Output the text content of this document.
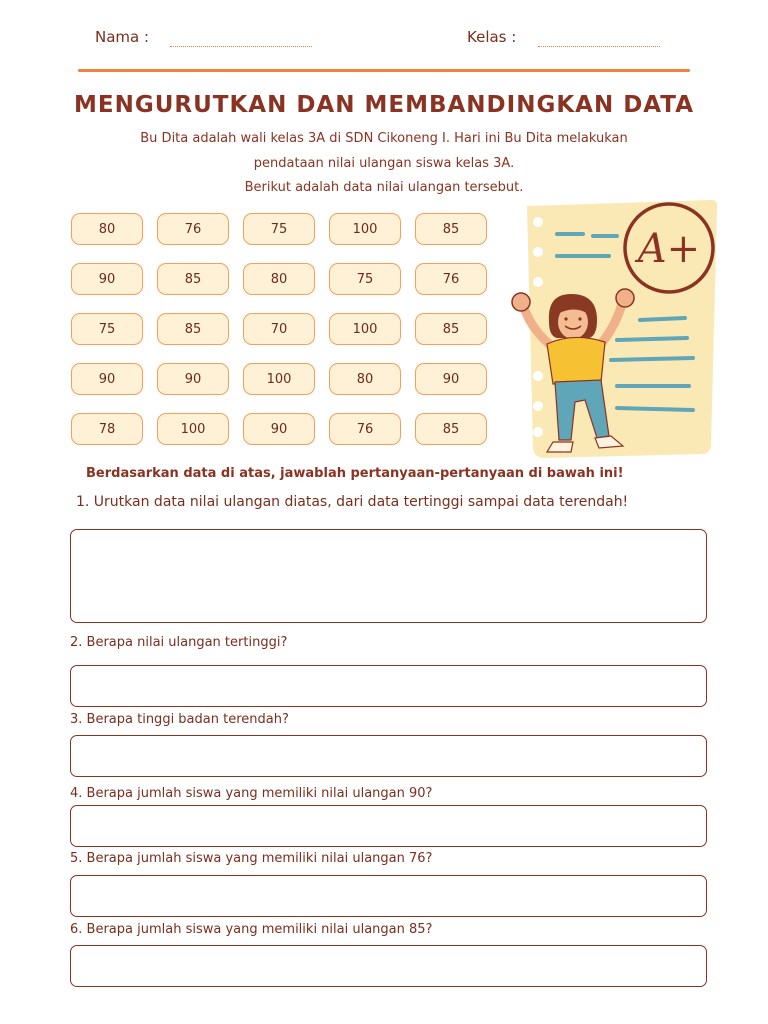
Nama :	Kelas :
MENGURUTKAN DAN MEMBANDINGKAN DATA
Bu Dita adalah wali kelas 3A di SDN Cikoneng I. Hari ini Bu Dita melakukan
pendataan nilai ulangan siswa kelas 3A.
Berikut adalah data nilai ulangan tersebut.
80	76	75	100	85
90	85	80	75	76
75	85	70	100	85
90	90	100	80	90
78	100	90	76	85
A+
Berdasarkan data di atas, jawablah pertanyaan-pertanyaan di bawah ini!
1. Urutkan data nilai ulangan diatas, dari data tertinggi sampai data terendah!
2. Berapa nilai ulangan tertinggi?
3. Berapa tinggi badan terendah?
4. Berapa jumlah siswa yang memiliki nilai ulangan 90?
5. Berapa jumlah siswa yang memiliki nilai ulangan 76?
6. Berapa jumlah siswa yang memiliki nilai ulangan 85?
